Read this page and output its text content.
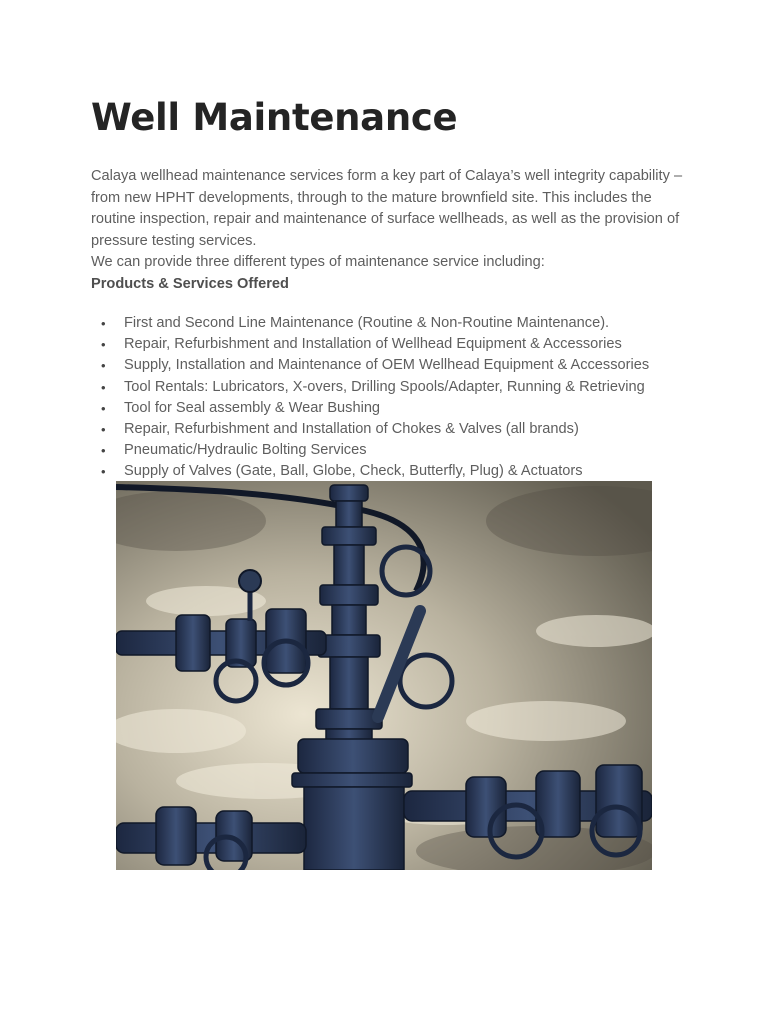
Well Maintenance

Calaya wellhead maintenance services form a key part of Calaya’s well integrity capability – from new HPHT developments, through to the mature brownfield site. This includes the routine inspection, repair and maintenance of surface wellheads, as well as the provision of pressure testing services.

We can provide three different types of maintenance service including:

Products & Services Offered

• First and Second Line Maintenance (Routine & Non-Routine Maintenance).
• Repair, Refurbishment and Installation of Wellhead Equipment & Accessories
• Supply, Installation and Maintenance of OEM Wellhead Equipment & Accessories
• Tool Rentals: Lubricators, X-overs, Drilling Spools/Adapter, Running & Retrieving
• Tool for Seal assembly & Wear Bushing
• Repair, Refurbishment and Installation of Chokes & Valves (all brands)
• Pneumatic/Hydraulic Bolting Services
• Supply of Valves (Gate, Ball, Globe, Check, Butterfly, Plug) & Actuators
